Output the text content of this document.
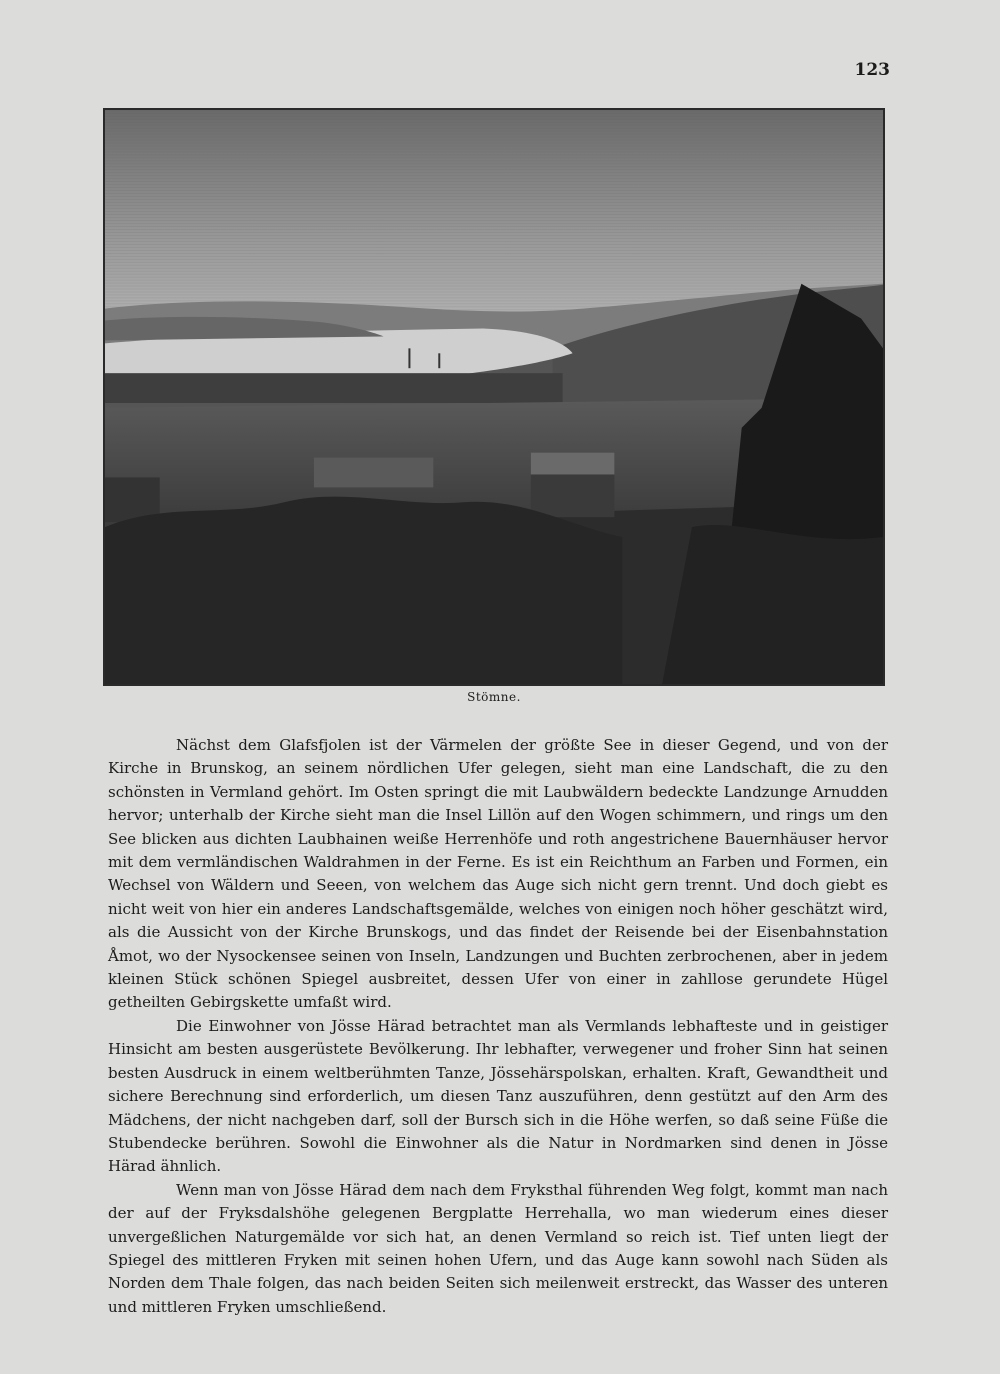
123
Stömne.

Nächst dem Glafsfjolen ist der Värmelen der größte See in dieser Gegend, und von der Kirche in Brunskog, an seinem nördlichen Ufer gelegen, sieht man eine Landschaft, die zu den schönsten in Vermland gehört. Im Osten springt die mit Laubwäldern bedeckte Landzunge Arnudden hervor; unterhalb der Kirche sieht man die Insel Lillön auf den Wogen schimmern, und rings um den See blicken aus dichten Laubhainen weiße Herrenhöfe und roth angestrichene Bauernhäuser hervor mit dem vermländischen Waldrahmen in der Ferne. Es ist ein Reichthum an Farben und Formen, ein Wechsel von Wäldern und Seeen, von welchem das Auge sich nicht gern trennt. Und doch giebt es nicht weit von hier ein anderes Landschaftsgemälde, welches von einigen noch höher geschätzt wird, als die Aussicht von der Kirche Brunskogs, und das findet der Reisende bei der Eisenbahnstation Åmot, wo der Nysockensee seinen von Inseln, Landzungen und Buchten zerbrochenen, aber in jedem kleinen Stück schönen Spiegel ausbreitet, dessen Ufer von einer in zahllose gerundete Hügel getheilten Gebirgskette umfaßt wird.

Die Einwohner von Jösse Härad betrachtet man als Vermlands lebhafteste und in geistiger Hinsicht am besten ausgerüstete Bevölkerung. Ihr lebhafter, verwegener und froher Sinn hat seinen besten Ausdruck in einem weltberühmten Tanze, Jössehärspolskan, erhalten. Kraft, Gewandtheit und sichere Berechnung sind erforderlich, um diesen Tanz auszuführen, denn gestützt auf den Arm des Mädchens, der nicht nachgeben darf, soll der Bursch sich in die Höhe werfen, so daß seine Füße die Stubendecke berühren. Sowohl die Einwohner als die Natur in Nordmarken sind denen in Jösse Härad ähnlich.

Wenn man von Jösse Härad dem nach dem Fryksthal führenden Weg folgt, kommt man nach der auf der Fryksdalshöhe gelegenen Bergplatte Herrehalla, wo man wiederum eines dieser unvergeßlichen Naturgemälde vor sich hat, an denen Vermland so reich ist. Tief unten liegt der Spiegel des mittleren Fryken mit seinen hohen Ufern, und das Auge kann sowohl nach Süden als Norden dem Thale folgen, das nach beiden Seiten sich meilenweit erstreckt, das Wasser des unteren und mittleren Fryken umschließend.
